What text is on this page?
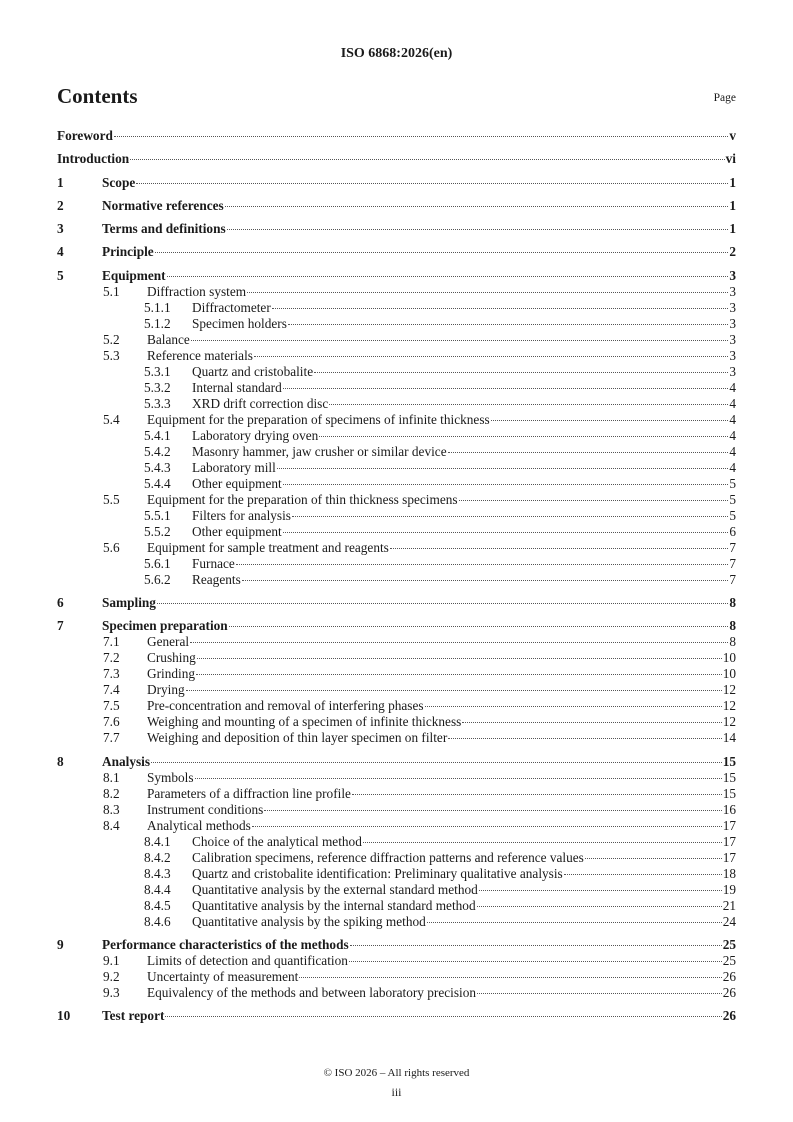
ISO 6868:2026(en)
Contents	Page
Foreword	v
Introduction	vi
1	Scope	1
2	Normative references	1
3	Terms and definitions	1
4	Principle	2
5	Equipment	3
5.1 Diffraction system	3
5.1.1 Diffractometer	3
5.1.2 Specimen holders	3
5.2 Balance	3
5.3 Reference materials	3
5.3.1 Quartz and cristobalite	3
5.3.2 Internal standard	4
5.3.3 XRD drift correction disc	4
5.4 Equipment for the preparation of specimens of infinite thickness	4
5.4.1 Laboratory drying oven	4
5.4.2 Masonry hammer, jaw crusher or similar device	4
5.4.3 Laboratory mill	4
5.4.4 Other equipment	5
5.5 Equipment for the preparation of thin thickness specimens	5
5.5.1 Filters for analysis	5
5.5.2 Other equipment	6
5.6 Equipment for sample treatment and reagents	7
5.6.1 Furnace	7
5.6.2 Reagents	7
6	Sampling	8
7	Specimen preparation	8
7.1 General	8
7.2 Crushing	10
7.3 Grinding	10
7.4 Drying	12
7.5 Pre-concentration and removal of interfering phases	12
7.6 Weighing and mounting of a specimen of infinite thickness	12
7.7 Weighing and deposition of thin layer specimen on filter	14
8	Analysis	15
8.1 Symbols	15
8.2 Parameters of a diffraction line profile	15
8.3 Instrument conditions	16
8.4 Analytical methods	17
8.4.1 Choice of the analytical method	17
8.4.2 Calibration specimens, reference diffraction patterns and reference values	17
8.4.3 Quartz and cristobalite identification: Preliminary qualitative analysis	18
8.4.4 Quantitative analysis by the external standard method	19
8.4.5 Quantitative analysis by the internal standard method	21
8.4.6 Quantitative analysis by the spiking method	24
9	Performance characteristics of the methods	25
9.1 Limits of detection and quantification	25
9.2 Uncertainty of measurement	26
9.3 Equivalency of the methods and between laboratory precision	26
10 Test report	26
© ISO 2026 – All rights reserved
iii
